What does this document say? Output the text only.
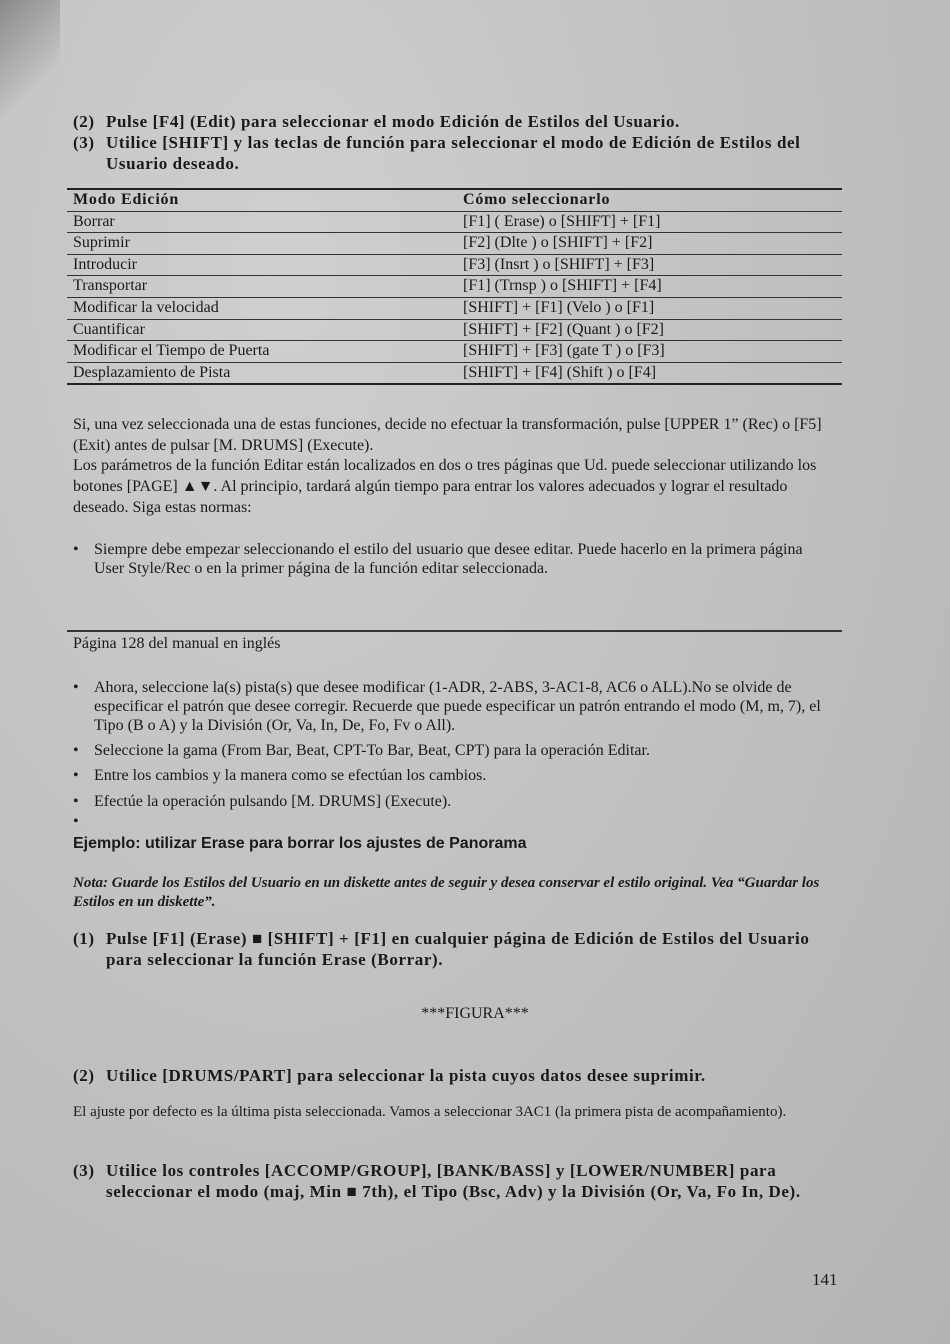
(2) Pulse [F4] (Edit) para seleccionar el modo Edición de Estilos del Usuario.
(3) Utilice [SHIFT] y las teclas de función para seleccionar el modo de Edición de Estilos del Usuario deseado.
Modo Edición	Cómo seleccionarlo
Borrar	[F1] ( Erase) o [SHIFT] + [F1]
Suprimir	[F2] (Dlte ) o [SHIFT] + [F2]
Introducir	[F3] (Insrt ) o [SHIFT] + [F3]
Transportar	[F1] (Trnsp ) o [SHIFT] + [F4]
Modificar la velocidad	[SHIFT] + [F1] (Velo ) o [F1]
Cuantificar	[SHIFT] + [F2] (Quant ) o [F2]
Modificar el Tiempo de Puerta	[SHIFT] + [F3] (gate T ) o [F3]
Desplazamiento de Pista	[SHIFT] + [F4] (Shift ) o [F4]
Si, una vez seleccionada una de estas funciones, decide no efectuar la transformación, pulse [UPPER 1” (Rec) o [F5] (Exit) antes de pulsar [M. DRUMS] (Execute).
Los parámetros de la función Editar están localizados en dos o tres páginas que Ud. puede seleccionar utilizando los botones [PAGE] ▲▼. Al principio, tardará algún tiempo para entrar los valores adecuados y lograr el resultado deseado. Siga estas normas:
• Siempre debe empezar seleccionando el estilo del usuario que desee editar. Puede hacerlo en la primera página User Style/Rec o en la primer página de la función editar seleccionada.
Página 128 del manual en inglés
• Ahora, seleccione la(s) pista(s) que desee modificar (1-ADR, 2-ABS, 3-AC1-8, AC6 o ALL).No se olvide de especificar el patrón que desee corregir. Recuerde que puede especificar un patrón entrando el modo (M, m, 7), el Tipo (B o A) y la División (Or, Va, In, De, Fo, Fv o All).
• Seleccione la gama (From Bar, Beat, CPT-To Bar, Beat, CPT) para la operación Editar.
• Entre los cambios y la manera como se efectúan los cambios.
• Efectúe la operación pulsando [M. DRUMS] (Execute).
•
Ejemplo: utilizar Erase para borrar los ajustes de Panorama
Nota: Guarde los Estilos del Usuario en un diskette antes de seguir y desea conservar el estilo original. Vea “Guardar los Estilos en un diskette”.
(1) Pulse [F1] (Erase) ■ [SHIFT] + [F1] en cualquier página de Edición de Estilos del Usuario para seleccionar la función Erase (Borrar).
***FIGURA***
(2) Utilice [DRUMS/PART] para seleccionar la pista cuyos datos desee suprimir.
El ajuste por defecto es la última pista seleccionada. Vamos a seleccionar 3AC1 (la primera pista de acompañamiento).
(3) Utilice los controles [ACCOMP/GROUP], [BANK/BASS] y [LOWER/NUMBER] para seleccionar el modo (maj, Min ■ 7th), el Tipo (Bsc, Adv) y la División (Or, Va, Fo In, De).
141
